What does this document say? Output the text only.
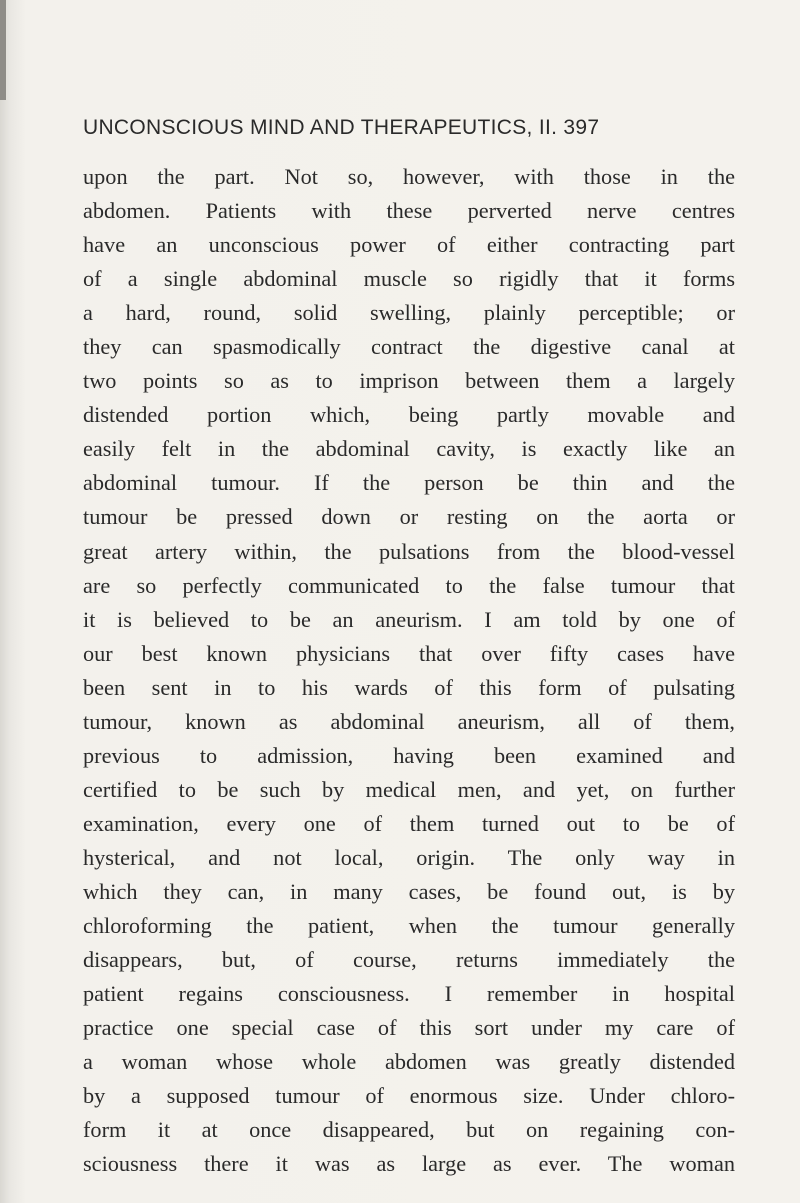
UNCONSCIOUS MIND AND THERAPEUTICS, II. 397
upon the part. Not so, however, with those in the
abdomen. Patients with these perverted nerve centres
have an unconscious power of either contracting part
of a single abdominal muscle so rigidly that it forms
a hard, round, solid swelling, plainly perceptible; or
they can spasmodically contract the digestive canal at
two points so as to imprison between them a largely
distended portion which, being partly movable and
easily felt in the abdominal cavity, is exactly like an
abdominal tumour. If the person be thin and the
tumour be pressed down or resting on the aorta or
great artery within, the pulsations from the blood-vessel
are so perfectly communicated to the false tumour that
it is believed to be an aneurism. I am told by one of
our best known physicians that over fifty cases have
been sent in to his wards of this form of pulsating
tumour, known as abdominal aneurism, all of them,
previous to admission, having been examined and
certified to be such by medical men, and yet, on further
examination, every one of them turned out to be of
hysterical, and not local, origin. The only way in
which they can, in many cases, be found out, is by
chloroforming the patient, when the tumour generally
disappears, but, of course, returns immediately the
patient regains consciousness. I remember in hospital
practice one special case of this sort under my care of
a woman whose whole abdomen was greatly distended
by a supposed tumour of enormous size. Under chloro-
form it at once disappeared, but on regaining con-
sciousness there it was as large as ever. The woman
